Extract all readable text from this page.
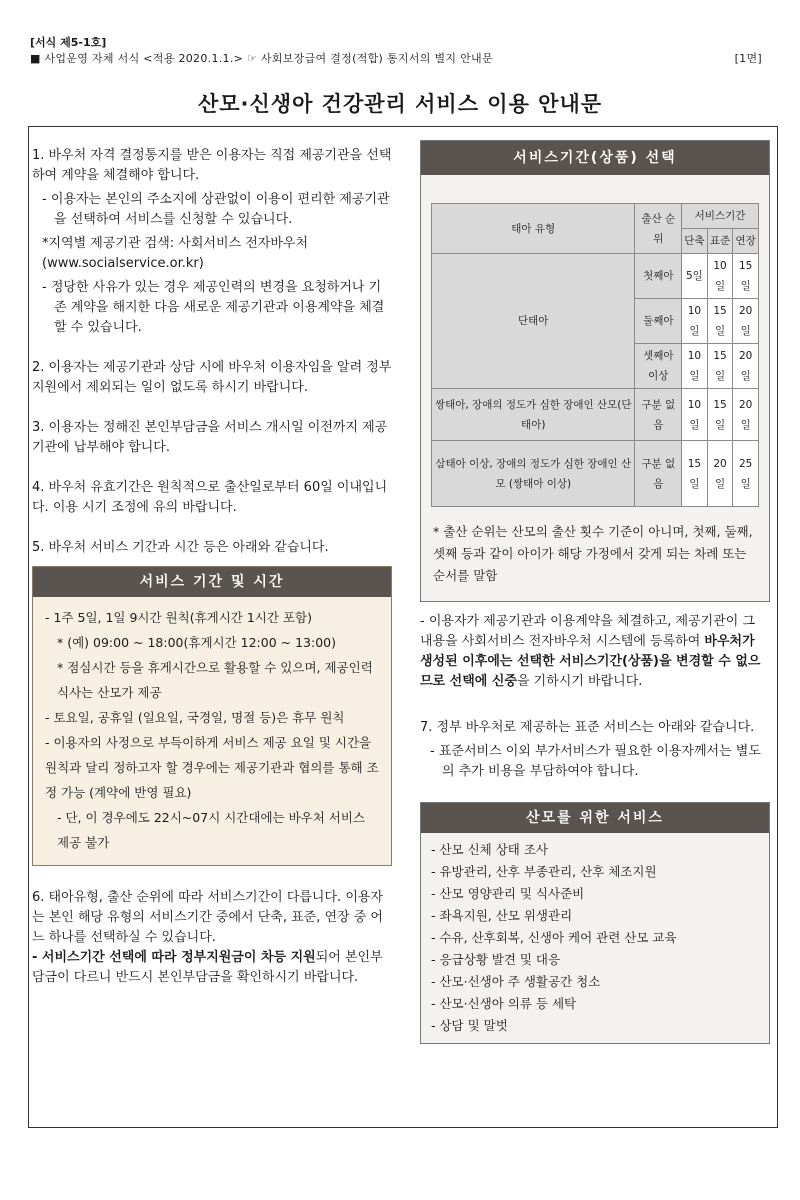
[서식 제5-1호]
■ 사업운영 자체 서식 <적용 2020.1.1.> ☞ 사회보장급여 결정(적합) 통지서의 별지 안내문	[1면]
산모·신생아 건강관리 서비스 이용 안내문
1. 바우처 자격 결정통지를 받은 이용자는 직접 제공기관을 선택하여 계약을 체결해야 합니다.
- 이용자는 본인의 주소지에 상관없이 이용이 편리한 제공기관을 선택하여 서비스를 신청할 수 있습니다.
*지역별 제공기관 검색: 사회서비스 전자바우처 (www.socialservice.or.kr)
- 정당한 사유가 있는 경우 제공인력의 변경을 요청하거나 기존 계약을 해지한 다음 새로운 제공기관과 이용계약을 체결할 수 있습니다.
2. 이용자는 제공기관과 상담 시에 바우처 이용자임을 알려 정부지원에서 제외되는 일이 없도록 하시기 바랍니다.
3. 이용자는 정해진 본인부담금을 서비스 개시일 이전까지 제공기관에 납부해야 합니다.
4. 바우처 유효기간은 원칙적으로 출산일로부터 60일 이내입니다. 이용 시기 조정에 유의 바랍니다.
5. 바우처 서비스 기간과 시간 등은 아래와 같습니다.
서비스 기간 및 시간
- 1주 5일, 1일 9시간 원칙(휴게시간 1시간 포함)
* (예) 09:00 ~ 18:00(휴게시간 12:00 ~ 13:00)
* 점심시간 등을 휴게시간으로 활용할 수 있으며, 제공인력 식사는 산모가 제공
- 토요일, 공휴일 (일요일, 국경일, 명절 등)은 휴무 원칙
- 이용자의 사정으로 부득이하게 서비스 제공 요일 및 시간을 원칙과 달리 정하고자 할 경우에는 제공기관과 협의를 통해 조정 가능 (계약에 반영 필요)
- 단, 이 경우에도 22시~07시 시간대에는 바우처 서비스 제공 불가
6. 태아유형, 출산 순위에 따라 서비스기간이 다릅니다. 이용자는 본인 해당 유형의 서비스기간 중에서 단축, 표준, 연장 중 어느 하나를 선택하실 수 있습니다.
- 서비스기간 선택에 따라 정부지원금이 차등 지원되어 본인부담금이 다르니 반드시 본인부담금을 확인하시기 바랍니다.
서비스기간(상품) 선택
태아 유형	출산 순위	서비스기간		
		단축	표준	연장
단태아	첫째아	5일	10일	15일
	둘째아	10일	15일	20일
	셋째아 이상	10일	15일	20일
쌍태아, 장애의 정도가 심한 장애인 산모(단태아)	구분 없음	10일	15일	20일
삼태아 이상, 장애의 정도가 심한 장애인 산모 (쌍태아 이상)	구분 없음	15일	20일	25일
* 출산 순위는 산모의 출산 횟수 기준이 아니며, 첫째, 둘째, 셋째 등과 같이 아이가 해당 가정에서 갖게 되는 차례 또는 순서를 말함
- 이용자가 제공기관과 이용계약을 체결하고, 제공기관이 그 내용을 사회서비스 전자바우처 시스템에 등록하여 바우처가 생성된 이후에는 선택한 서비스기간(상품)을 변경할 수 없으므로 선택에 신중을 기하시기 바랍니다.
7. 정부 바우처로 제공하는 표준 서비스는 아래와 같습니다.
- 표준서비스 이외 부가서비스가 필요한 이용자께서는 별도의 추가 비용을 부담하여야 합니다.
산모를 위한 서비스
- 산모 신체 상태 조사
- 유방관리, 산후 부종관리, 산후 체조지원
- 산모 영양관리 및 식사준비
- 좌욕지원, 산모 위생관리
- 수유, 산후회복, 신생아 케어 관련 산모 교육
- 응급상황 발견 및 대응
- 산모·신생아 주 생활공간 청소
- 산모·신생아 의류 등 세탁
- 상담 및 말벗
